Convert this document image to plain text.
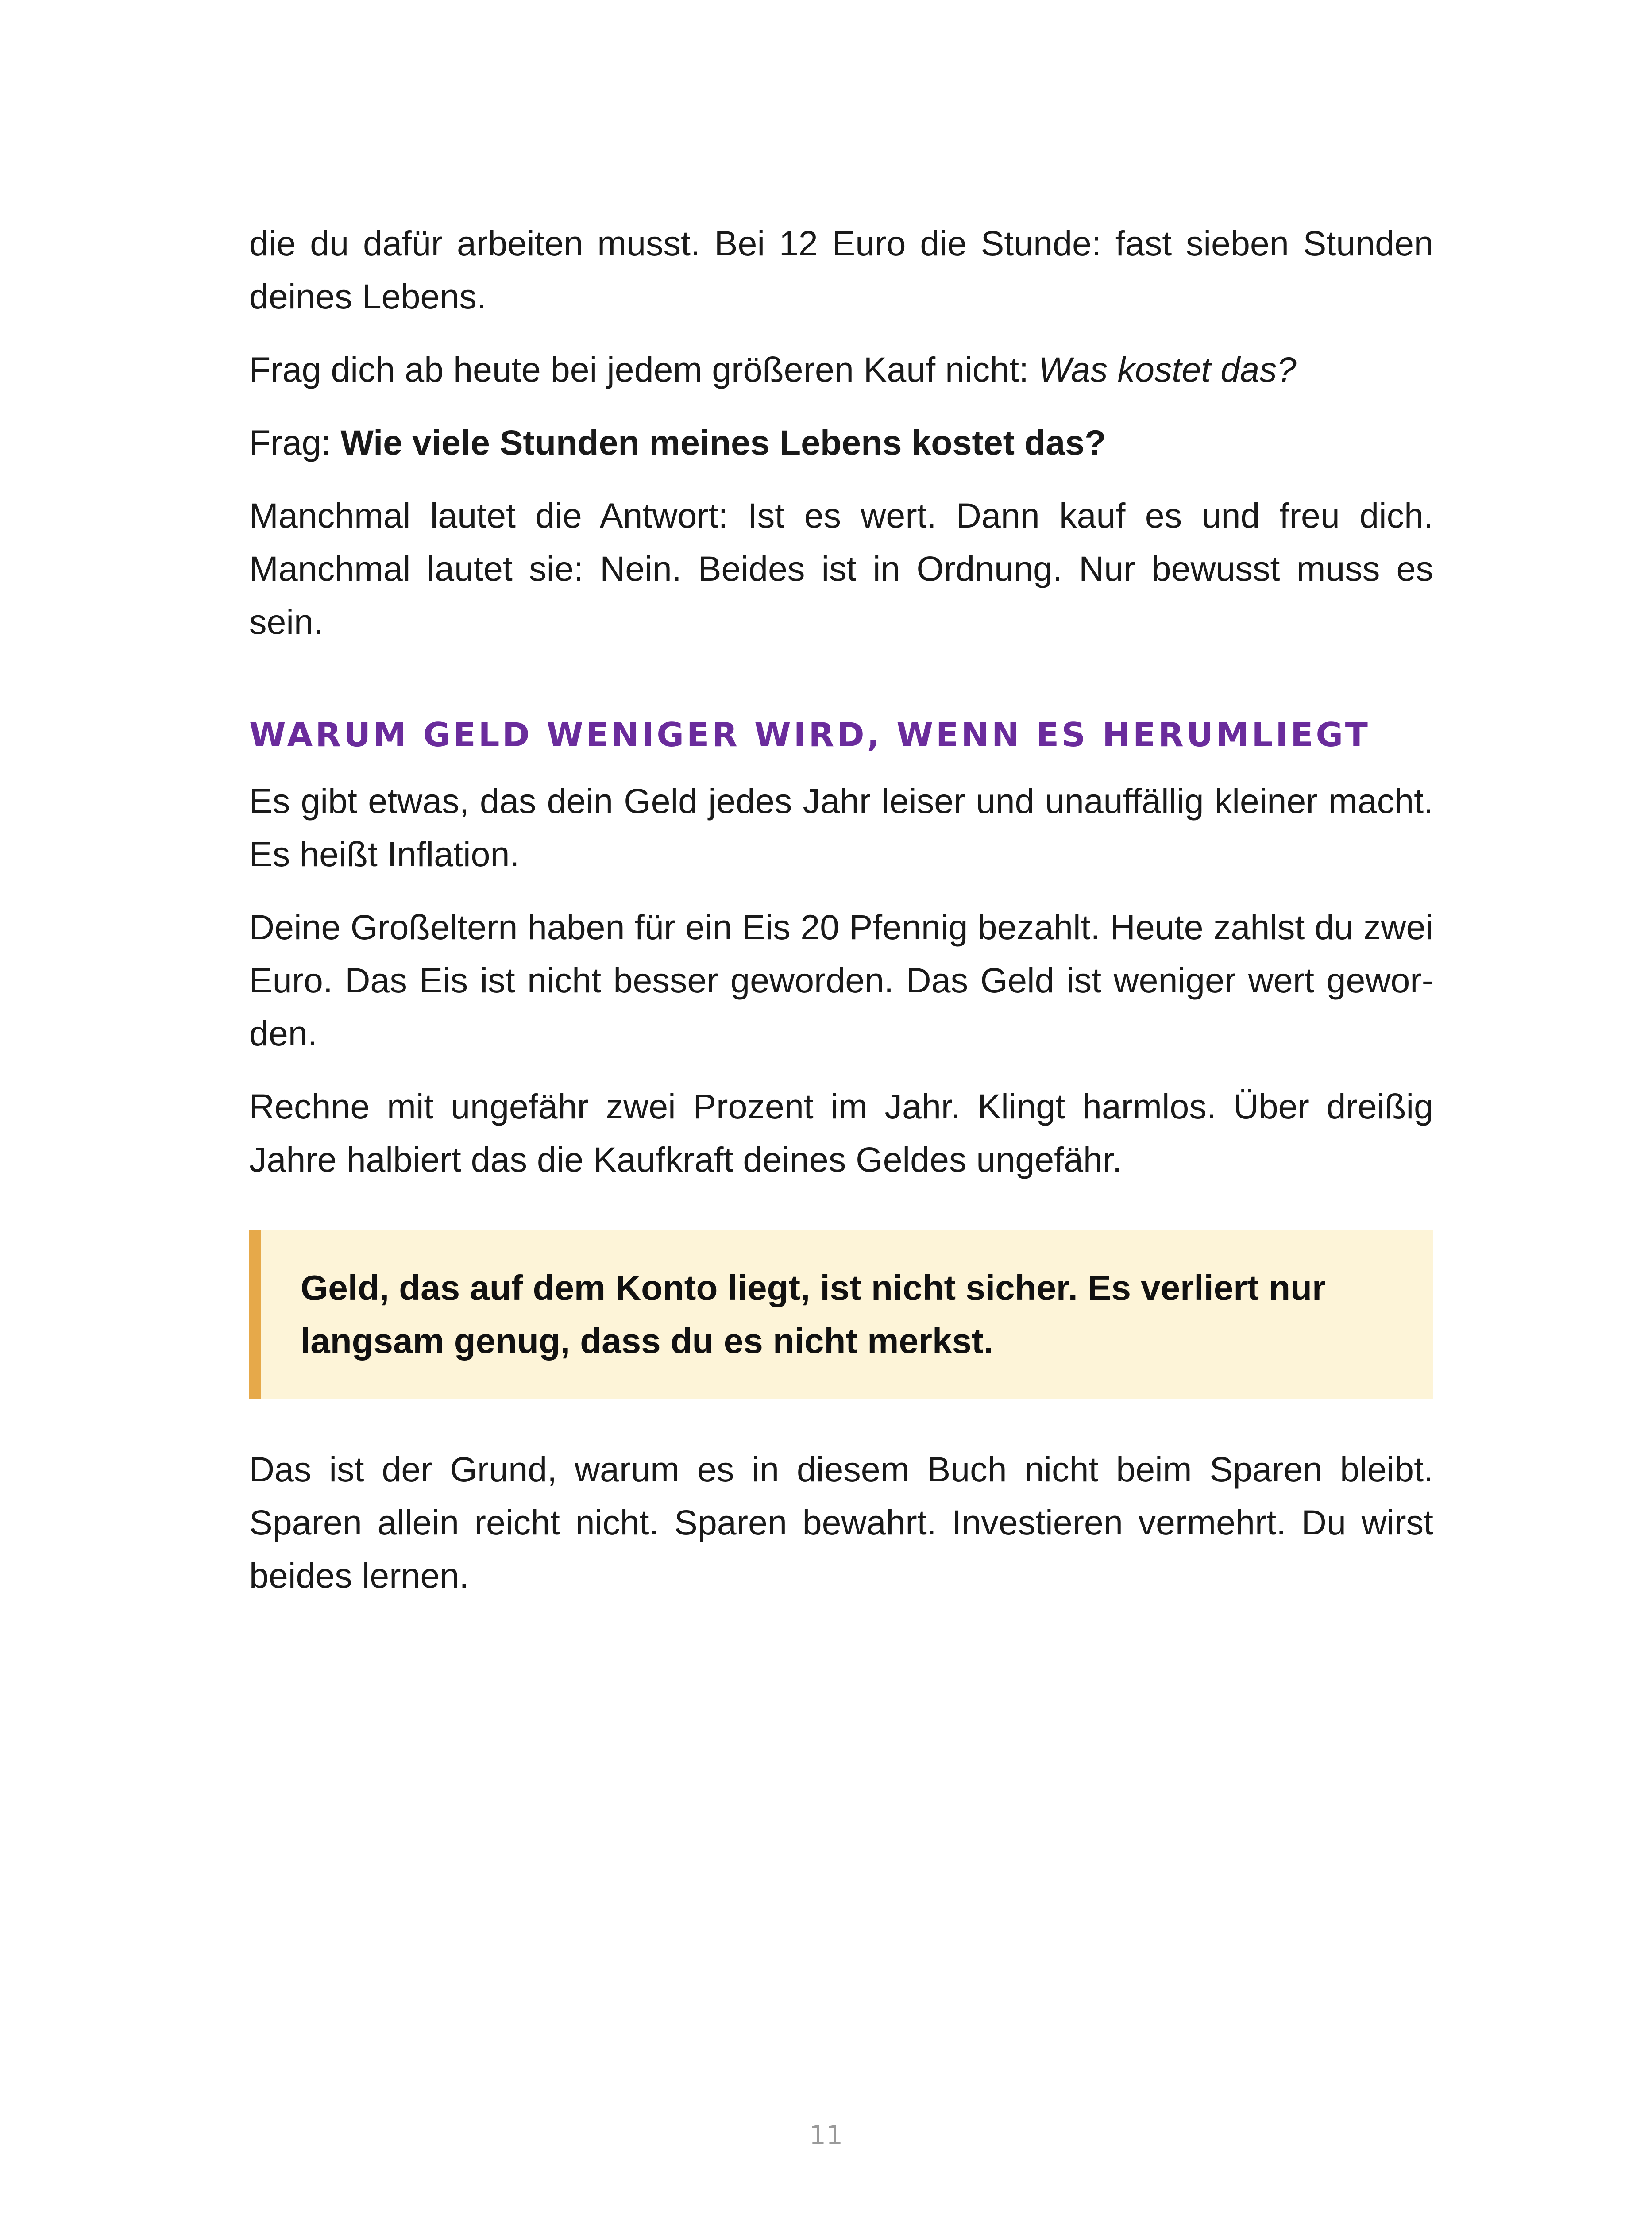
die du dafür arbeiten musst. Bei 12 Euro die Stunde: fast sieben Stunden deines Lebens.

Frag dich ab heute bei jedem größeren Kauf nicht: Was kostet das?

Frag: Wie viele Stunden meines Lebens kostet das?

Manchmal lautet die Antwort: Ist es wert. Dann kauf es und freu dich. Manchmal lautet sie: Nein. Beides ist in Ordnung. Nur bewusst muss es sein.

WARUM GELD WENIGER WIRD, WENN ES HERUMLIEGT

Es gibt etwas, das dein Geld jedes Jahr leiser und unauffällig kleiner macht. Es heißt Inflation.

Deine Großeltern haben für ein Eis 20 Pfennig bezahlt. Heute zahlst du zwei Euro. Das Eis ist nicht besser geworden. Das Geld ist weniger wert geworden.

Rechne mit ungefähr zwei Prozent im Jahr. Klingt harmlos. Über dreißig Jahre halbiert das die Kaufkraft deines Geldes ungefähr.

Geld, das auf dem Konto liegt, ist nicht sicher. Es verliert nur langsam genug, dass du es nicht merkst.

Das ist der Grund, warum es in diesem Buch nicht beim Sparen bleibt. Sparen allein reicht nicht. Sparen bewahrt. Investieren vermehrt. Du wirst beides lernen.

11
